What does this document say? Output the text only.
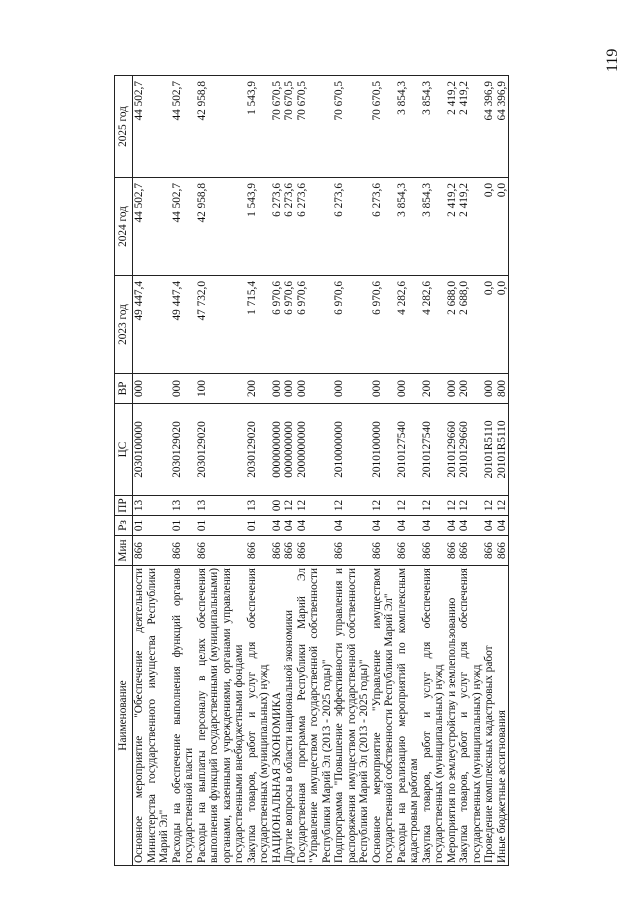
119
Наименование	Мин	Рз	ПР	ЦС	ВР	2023 год	2024 год	2025 год
Основное мероприятие "Обеспечение деятельности Министерства государственного имущества Республики Марий Эл"	866	01	13	2030100000	000	49 447,4	44 502,7	44 502,7
Расходы на обеспечение выполнения функций органов государственной власти	866	01	13	2030129020	000	49 447,4	44 502,7	44 502,7
Расходы на выплаты персоналу в целях обеспечения выполнения функций государственными (муниципальными) органами, казенными учреждениями, органами управления государственными внебюджетными фондами	866	01	13	2030129020	100	47 732,0	42 958,8	42 958,8
Закупка товаров, работ и услуг для обеспечения государственных (муниципальных) нужд	866	01	13	2030129020	200	1 715,4	1 543,9	1 543,9
НАЦИОНАЛЬНАЯ ЭКОНОМИКА	866	04	00	0000000000	000	6 970,6	6 273,6	70 670,5
Другие вопросы в области национальной экономики	866	04	12	0000000000	000	6 970,6	6 273,6	70 670,5
Государственная программа Республики Марий Эл "Управление имуществом государственной собственности Республики Марий Эл (2013 - 2025 годы)"	866	04	12	2000000000	000	6 970,6	6 273,6	70 670,5
Подпрограмма "Повышение эффективности управления и распоряжения имуществом государственной собственности Республики Марий Эл (2013 - 2025 годы)"	866	04	12	2010000000	000	6 970,6	6 273,6	70 670,5
Основное мероприятие "Управление имуществом государственной собственности Республики Марий Эл"	866	04	12	2010100000	000	6 970,6	6 273,6	70 670,5
Расходы на реализацию мероприятий по комплексным кадастровым работам	866	04	12	2010127540	000	4 282,6	3 854,3	3 854,3
Закупка товаров, работ и услуг для обеспечения государственных (муниципальных) нужд	866	04	12	2010127540	200	4 282,6	3 854,3	3 854,3
Мероприятия по землеустройству и землепользованию	866	04	12	2010129660	000	2 688,0	2 419,2	2 419,2
Закупка товаров, работ и услуг для обеспечения государственных (муниципальных) нужд	866	04	12	2010129660	200	2 688,0	2 419,2	2 419,2
Проведение комплексных кадастровых работ	866	04	12	20101R5110	000	0,0	0,0	64 396,9
Иные бюджетные ассигнования	866	04	12	20101R5110	800	0,0	0,0	64 396,9
